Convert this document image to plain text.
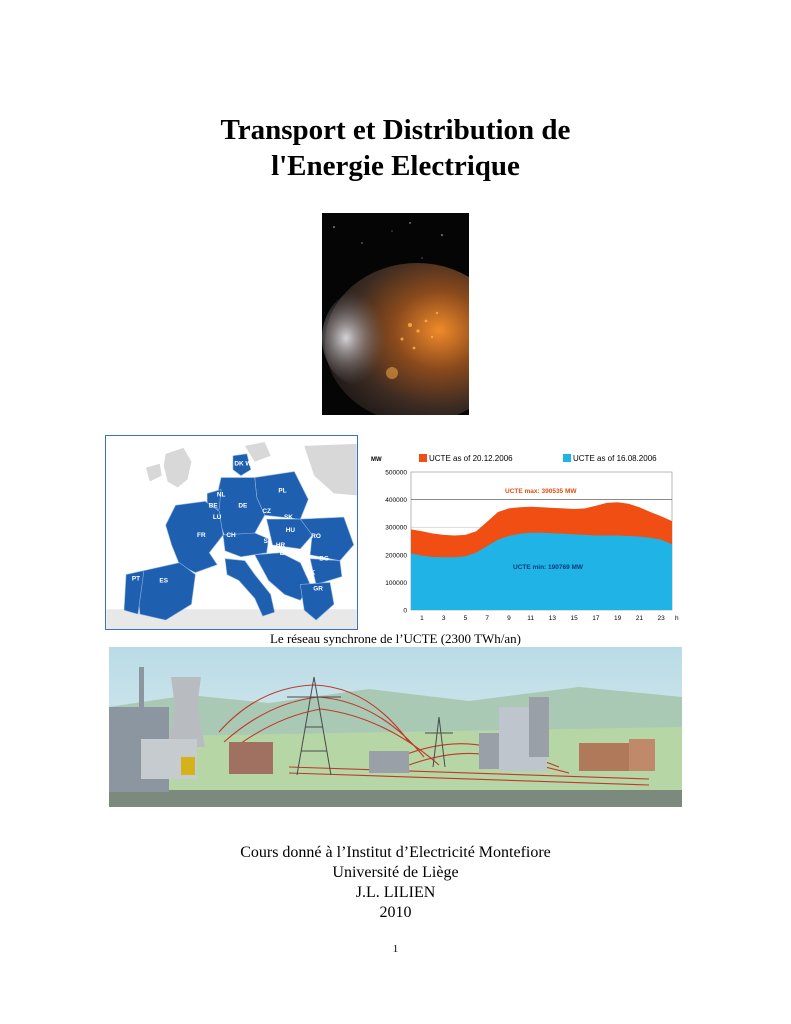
Transport et Distribution de
l'Energie Electrique
DK W
PL
NL
BE
LU
DE
CZ
SK
FR	CH
AT	HU
RO
SI
HR
BA CS BG
IT
MK
GR
PT	ES
UCTE as of 20.12.2006	UCTE as of 16.08.2006
MW
0
100000
200000
300000
400000
500000
1	3	5	7	9	11 13 15 17 19 21 23 h
UCTE max: 390535 MW
UCTE min: 190769 MW
Le réseau synchrone de l’UCTE (2300 TWh/an)
Cours donné à l’Institut d’Electricité Montefiore
Université de Liège
J.L. LILIEN
2010
1
